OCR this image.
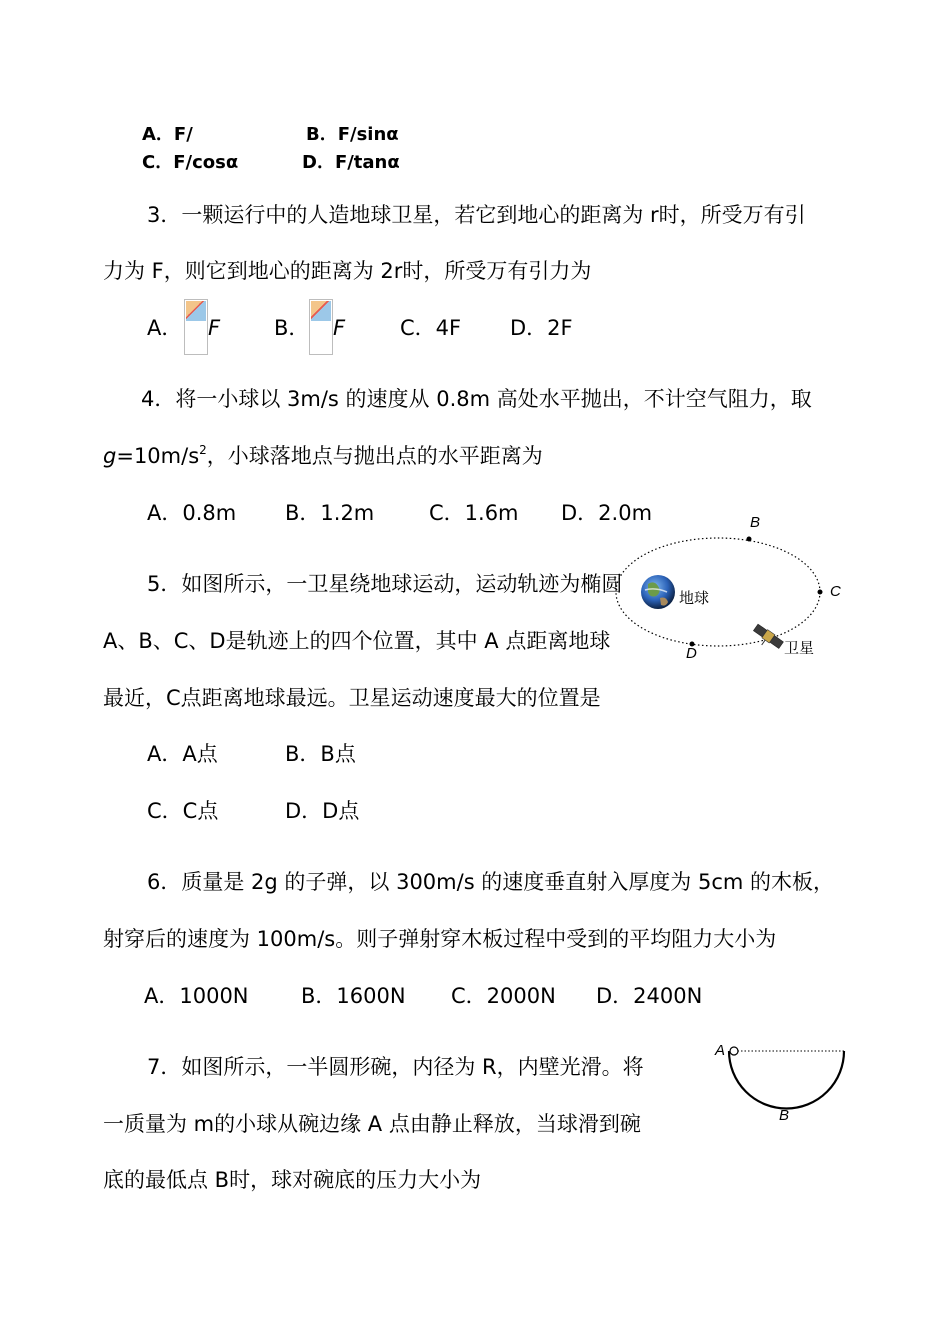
A．F/	B．F/sinα
C．F/cosα	D．F/tanα
3．一颗运行中的人造地球卫星，若它到地心的距离为 r时，所受万有引
力为 F，则它到地心的距离为 2r时，所受万有引力为
A． F	B． F	C．4F D．2F
4．将一小球以 3m/s 的速度从 0.8m 高处水平抛出，不计空气阻力，取
$g=10m/s^2$，小球落地点与抛出点的水平距离为
A．0.8m B．1.2m	C．1.6m D．2.0m
5．如图所示，一卫星绕地球运动，运动轨迹为椭圆
A、B、C、D是轨迹上的四个位置，其中 A 点距离地球
最近，C点距离地球最远。卫星运动速度最大的位置是
A．A点	B．B点
C．C点	D．D点
B
C
D
地球
卫星
6．质量是 2g 的子弹，以 300m/s 的速度垂直射入厚度为 5cm 的木板，
射穿后的速度为 100m/s。则子弹射穿木板过程中受到的平均阻力大小为
A．1000N B．1600N C．2000N D．2400N
7．如图所示，一半圆形碗，内径为 R，内壁光滑。将
一质量为 m的小球从碗边缘 A 点由静止释放，当球滑到碗
底的最低点 B时，球对碗底的压力大小为
A
B
